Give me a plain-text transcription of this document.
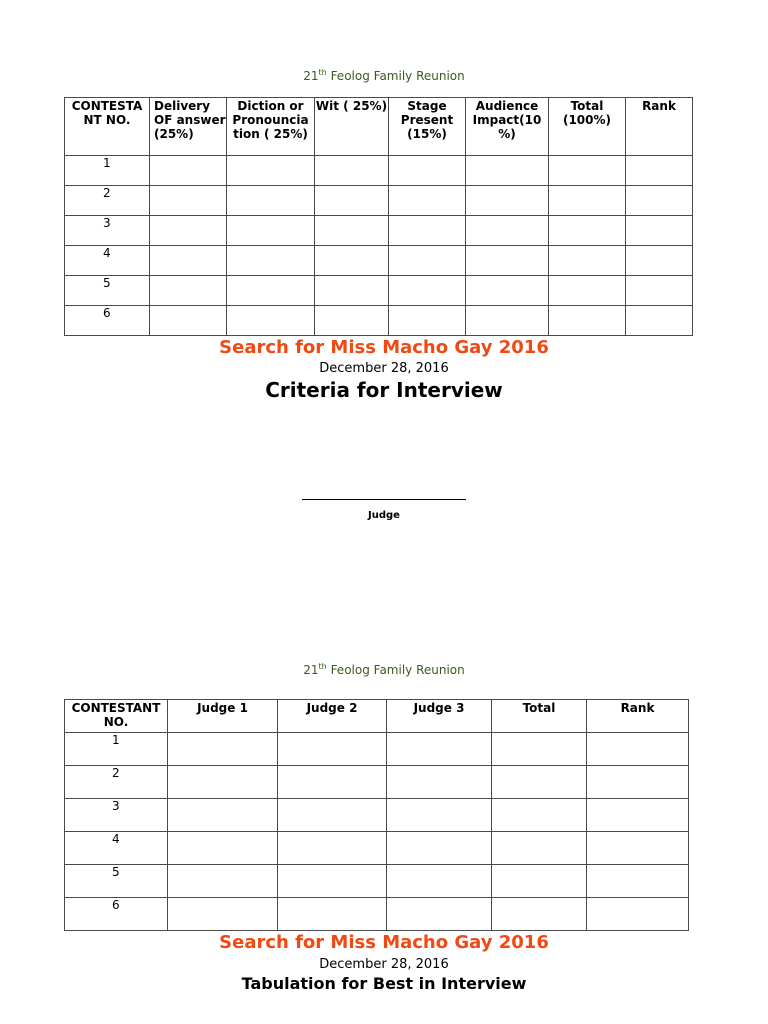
21th Feolog Family Reunion
CONTESTA NT NO.	Delivery OF answer (25%)	Diction or Pronouncia tion ( 25%)	Wit ( 25%)	Stage Present (15%)	Audience Impact(10 %)	Total (100%)	Rank
1							
2							
3							
4							
5							
6							
Search for Miss Macho Gay 2016
December 28, 2016
Criteria for Interview
Judge
21th Feolog Family Reunion
CONTESTANT NO.	Judge 1	Judge 2	Judge 3	Total	Rank
1					
2					
3					
4					
5					
6					
Search for Miss Macho Gay 2016
December 28, 2016
Tabulation for Best in Interview
